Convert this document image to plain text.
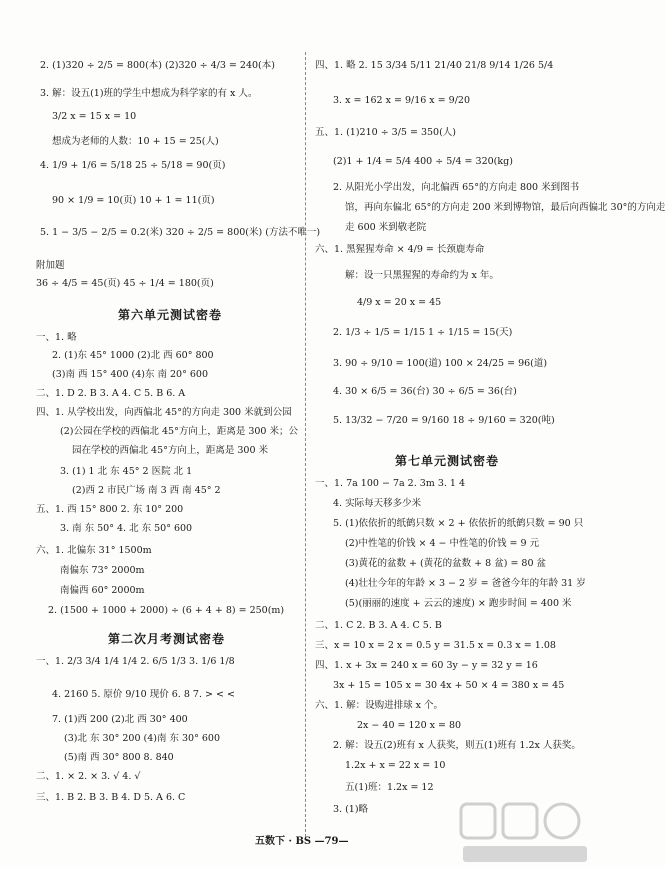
第六单元测试密卷
第二次月考测试密卷
2. (1)320 ÷ 2/5 = 800(本) (2)320 ÷ 4/3 = 240(本)
3. 解：设五(1)班的学生中想成为科学家的有 x 人。
3/2 x = 15 x = 10
想成为老师的人数：10 + 15 = 25(人)
4. 1/9 + 1/6 = 5/18 25 ÷ 5/18 = 90(页)
90 × 1/9 = 10(页) 10 + 1 = 11(页)
5. 1 − 3/5 − 2/5 = 0.2(米) 320 ÷ 2/5 = 800(米) (方法不唯一)
附加题
36 ÷ 4/5 = 45(页) 45 ÷ 1/4 = 180(页)
一、1. 略
2. (1)东 45° 1000 (2)北 西 60° 800
(3)南 西 15° 400 (4)东 南 20° 600
二、1. D 2. B 3. A 4. C 5. B 6. A
四、1. 从学校出发，向西偏北 45°的方向走 300 米就到公园
(2)公园在学校的西偏北 45°方向上，距离是 300 米；公
园在学校的西偏北 45°方向上，距离是 300 米
3. (1) 1 北 东 45° 2 医院 北 1
(2)西 2 市民广场 南 3 西 南 45° 2
五、1. 西 15° 800 2. 东 10° 200
3. 南 东 50° 4. 北 东 50° 600
六、1. 北偏东 31° 1500m
南偏东 73° 2000m
南偏西 60° 2000m
2. (1500 + 1000 + 2000) ÷ (6 + 4 + 8) = 250(m)
一、1. 2/3 3/4 1/4 1/4 2. 6/5 1/3 3. 1/6 1/8
4. 2160 5. 原价 9/10 现价 6. 8 7. > < <
7. (1)西 200 (2)北 西 30° 400
(3)北 东 30° 200 (4)南 东 30° 600
(5)南 西 30° 800 8. 840
二、1. × 2. × 3. √ 4. √
三、1. B 2. B 3. B 4. D 5. A 6. C
第七单元测试密卷
四、1. 略 2. 15 3/34 5/11 21/40 21/8 9/14 1/26 5/4
3. x = 162 x = 9/16 x = 9/20
五、1. (1)210 ÷ 3/5 = 350(人)
(2)1 + 1/4 = 5/4 400 ÷ 5/4 = 320(kg)
2. 从阳光小学出发，向北偏西 65°的方向走 800 米到图书
馆，再向东偏北 65°的方向走 200 米到博物馆，最后向西偏北 30°的方向走
走 600 米到敬老院
六、1. 黑猩猩寿命 × 4/9 = 长颈鹿寿命
解：设一只黑猩猩的寿命约为 x 年。
4/9 x = 20 x = 45
2. 1/3 ÷ 1/5 = 1/15 1 ÷ 1/15 = 15(天)
3. 90 ÷ 9/10 = 100(道) 100 × 24/25 = 96(道)
4. 30 × 6/5 = 36(台) 30 ÷ 6/5 = 36(台)
5. 13/32 − 7/20 = 9/160 18 ÷ 9/160 = 320(吨)
一、1. 7a 100 − 7a 2. 3m 3. 1 4
4. 实际每天移多少米
5. (1)依依折的纸鹤只数 × 2 + 依依折的纸鹤只数 = 90 只
(2)中性笔的价钱 × 4 − 中性笔的价钱 = 9 元
(3)黄花的盆数 + (黄花的盆数 + 8 盆) = 80 盆
(4)壮壮今年的年龄 × 3 − 2 岁 = 爸爸今年的年龄 31 岁
(5)(丽丽的速度 + 云云的速度) × 跑步时间 = 400 米
二、1. C 2. B 3. A 4. C 5. B
三、x = 10 x = 2 x = 0.5 y = 31.5 x = 0.3 x = 1.08
四、1. x + 3x = 240 x = 60 3y − y = 32 y = 16
3x + 15 = 105 x = 30 4x + 50 × 4 = 380 x = 45
六、1. 解：设购进排球 x 个。
2x − 40 = 120 x = 80
2. 解：设五(2)班有 x 人获奖，则五(1)班有 1.2x 人获奖。
1.2x + x = 22 x = 10
五(1)班：1.2x = 12
3. (1)略
五数下 · BS —79—
